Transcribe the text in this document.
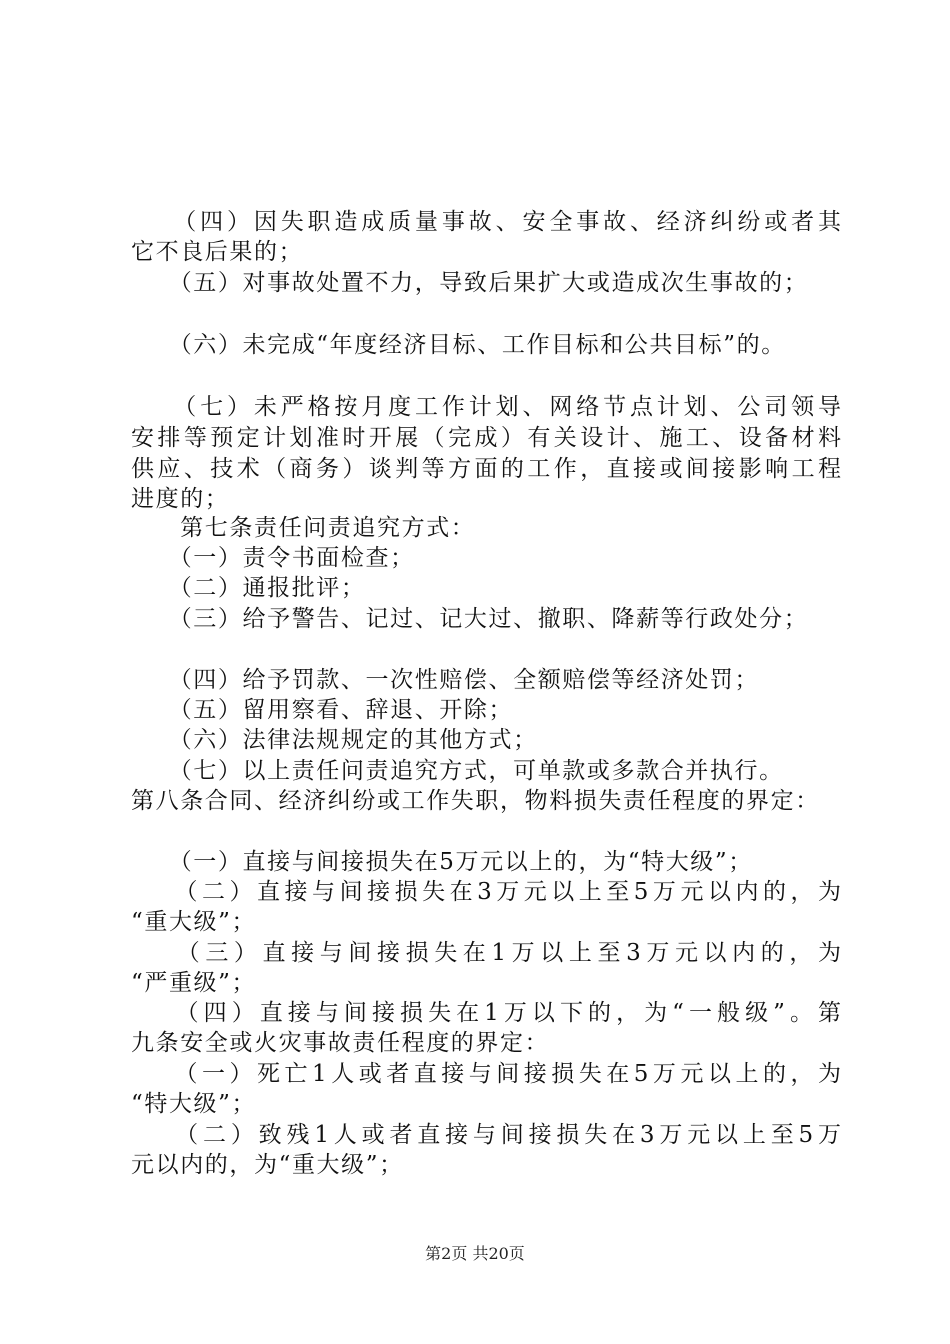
　　（四）因失职造成质量事故、安全事故、经济纠纷或者其
它不良后果的；
　　（五）对事故处置不力，导致后果扩大或造成次生事故的；
　　（六）未完成“年度经济目标、工作目标和公共目标”的。
　　（七）未严格按月度工作计划、网络节点计划、公司领导
安排等预定计划准时开展（完成）有关设计、施工、设备材料
供应、技术（商务）谈判等方面的工作，直接或间接影响工程
进度的；
　　第七条责任问责追究方式：
　　（一）责令书面检查；
　　（二）通报批评；
　　（三）给予警告、记过、记大过、撤职、降薪等行政处分；
　　（四）给予罚款、一次性赔偿、全额赔偿等经济处罚；
　　（五）留用察看、辞退、开除；
　　（六）法律法规规定的其他方式；
　　（七）以上责任问责追究方式，可单款或多款合并执行。
第八条合同、经济纠纷或工作失职，物料损失责任程度的界定：
　　（一）直接与间接损失在5万元以上的，为“特大级”；
　　（二）直接与间接损失在3万元以上至5万元以内的，为
“重大级”；
　　（三）直接与间接损失在1万以上至3万元以内的，为
“严重级”；
　　（四）直接与间接损失在1万以下的，为“一般级”。第
九条安全或火灾事故责任程度的界定：
　　（一）死亡1人或者直接与间接损失在5万元以上的，为
“特大级”；
　　（二）致残1人或者直接与间接损失在3万元以上至5万
元以内的，为“重大级”；
第2页 共20页
